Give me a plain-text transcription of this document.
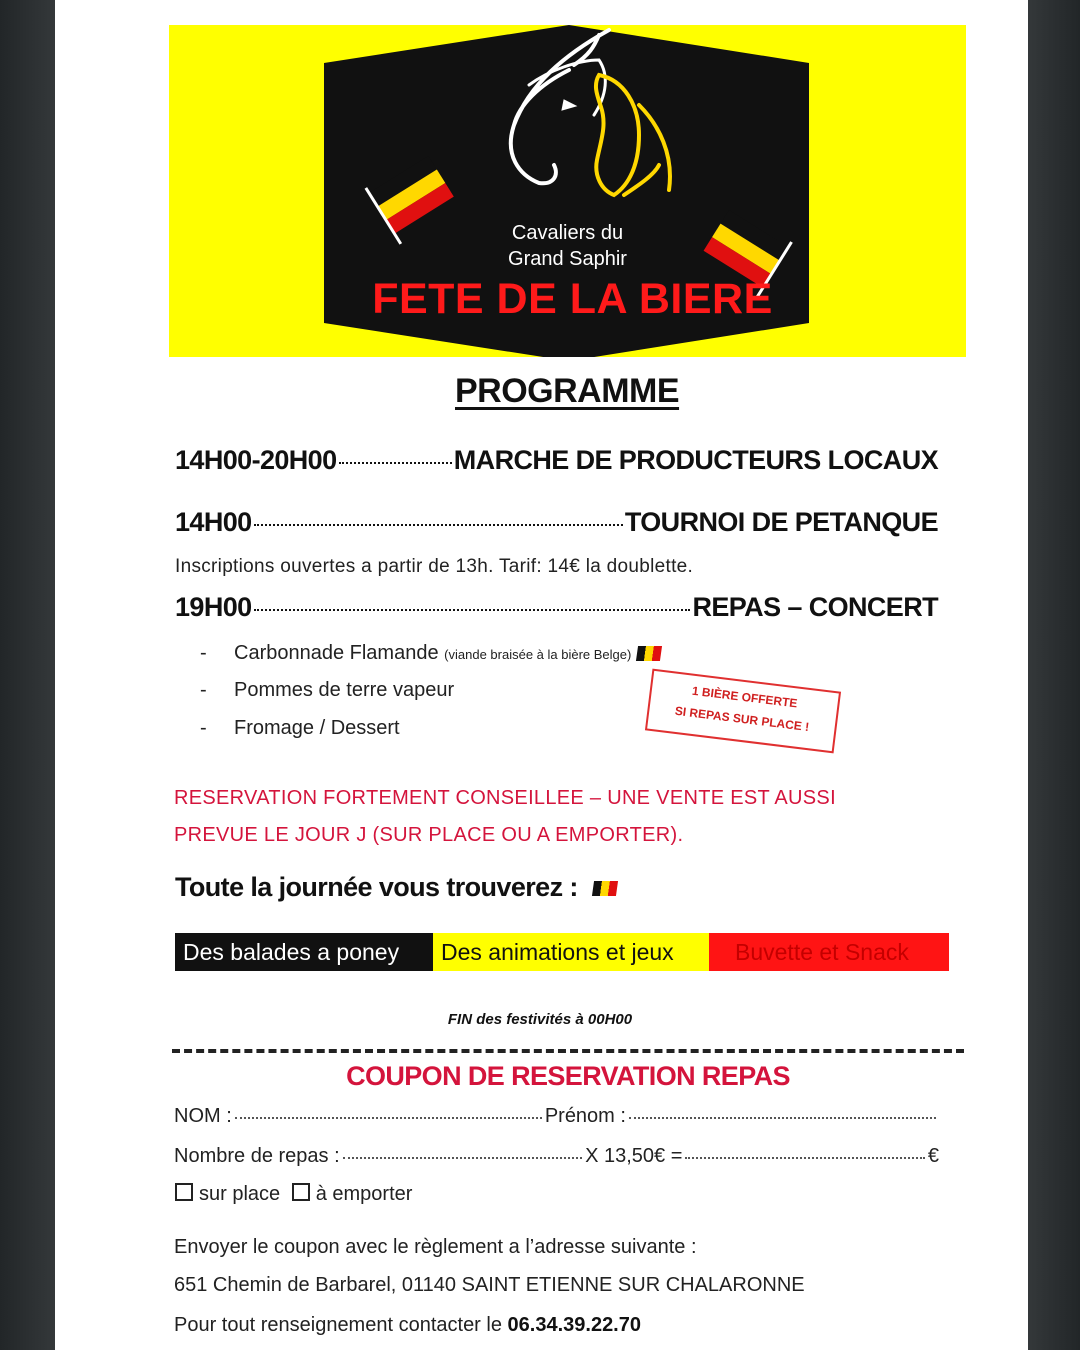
Cavaliers du
Grand Saphir
FETE DE LA BIERE
PROGRAMME
14H00-20H00	MARCHE DE PRODUCTEURS LOCAUX
14H00	TOURNOI DE PETANQUE
Inscriptions ouvertes a partir de 13h. Tarif: 14€ la doublette.
19H00	REPAS – CONCERT
- Carbonnade Flamande (viande braisée à la bière Belge)
- Pommes de terre vapeur
- Fromage / Dessert
1 BIÈRE OFFERTE
SI REPAS SUR PLACE !
RESERVATION FORTEMENT CONSEILLEE – UNE VENTE EST AUSSI
PREVUE LE JOUR J (SUR PLACE OU A EMPORTER).
Toute la journée vous trouverez :
Des balades a poney	Des animations et jeux	Buvette et Snack
FIN des festivités à 00H00
COUPON DE RESERVATION REPAS
NOM :	Prénom :
Nombre de repas :	X 13,50€ =	€
sur place à emporter
Envoyer le coupon avec le règlement a l’adresse suivante :
651 Chemin de Barbarel, 01140 SAINT ETIENNE SUR CHALARONNE
Pour tout renseignement contacter le 06.34.39.22.70
